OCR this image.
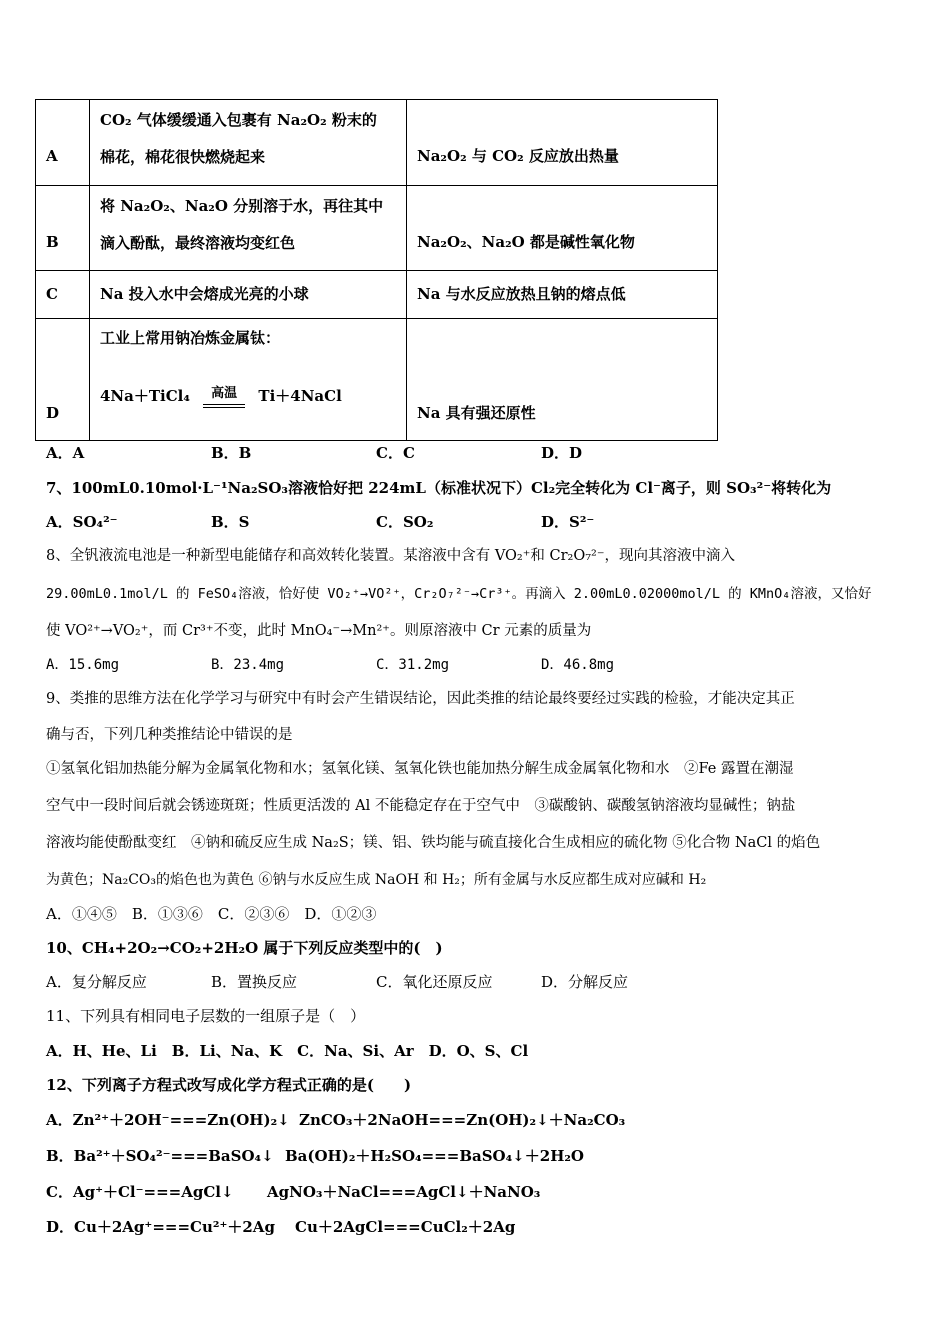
A	CO₂ 气体缓缓通入包裹有 Na₂O₂ 粉末的
棉花，棉花很快燃烧起来	Na₂O₂ 与 CO₂ 反应放出热量

B	将 Na₂O₂、Na₂O 分别溶于水，再往其中
滴入酚酞，最终溶液均变红色	Na₂O₂、Na₂O 都是碱性氧化物

C	Na 投入水中会熔成光亮的小球	Na 与水反应放热且钠的熔点低

D	工业上常用钠冶炼金属钛：
4Na＋TiCl₄ 高温 Ti＋4NaCl	Na 具有强还原性
A．A	B．B	C．C	D．D
7、100mL0.10mol·L⁻¹Na₂SO₃溶液恰好把 224mL（标准状况下）Cl₂完全转化为 Cl⁻离子，则 SO₃²⁻将转化为
A．SO₄²⁻	B．S	C．SO₂	D．S²⁻
8、全钒液流电池是一种新型电能储存和高效转化装置。某溶液中含有 VO₂⁺和 Cr₂O₇²⁻，现向其溶液中滴入
29.00mL0.1mol/L 的 FeSO₄溶液，恰好使 VO₂⁺→VO²⁺，Cr₂O₇²⁻→Cr³⁺。再滴入 2.00mL0.02000mol/L 的 KMnO₄溶液，又恰好
使 VO²⁺→VO₂⁺，而 Cr³⁺不变，此时 MnO₄⁻→Mn²⁺。则原溶液中 Cr 元素的质量为
A．15.6mg	B．23.4mg	C．31.2mg	D．46.8mg
9、类推的思维方法在化学学习与研究中有时会产生错误结论，因此类推的结论最终要经过实践的检验，才能决定其正
确与否，下列几种类推结论中错误的是
①氢氧化铝加热能分解为金属氧化物和水；氢氧化镁、氢氧化铁也能加热分解生成金属氧化物和水　②Fe 露置在潮湿
空气中一段时间后就会锈迹斑斑；性质更活泼的 Al 不能稳定存在于空气中　③碳酸钠、碳酸氢钠溶液均显碱性；钠盐
溶液均能使酚酞变红　④钠和硫反应生成 Na₂S；镁、铝、铁均能与硫直接化合生成相应的硫化物 ⑤化合物 NaCl 的焰色
为黄色；Na₂CO₃的焰色也为黄色 ⑥钠与水反应生成 NaOH 和 H₂；所有金属与水反应都生成对应碱和 H₂
A．①④⑤　B．①③⑥　C．②③⑥　D．①②③
10、CH₄+2O₂→CO₂+2H₂O 属于下列反应类型中的(　)
A．复分解反应	B．置换反应	C．氧化还原反应	D．分解反应
11、下列具有相同电子层数的一组原子是（　）
A．H、He、Li　B．Li、Na、K　C．Na、Si、Ar　D．O、S、Cl
12、下列离子方程式改写成化学方程式正确的是(　　)
A．Zn²⁺＋2OH⁻===Zn(OH)₂↓ ZnCO₃＋2NaOH===Zn(OH)₂↓＋Na₂CO₃
B．Ba²⁺＋SO₄²⁻===BaSO₄↓ Ba(OH)₂＋H₂SO₄===BaSO₄↓＋2H₂O
C．Ag⁺＋Cl⁻===AgCl↓ AgNO₃＋NaCl===AgCl↓＋NaNO₃
D．Cu＋2Ag⁺===Cu²⁺＋2Ag Cu＋2AgCl===CuCl₂＋2Ag
